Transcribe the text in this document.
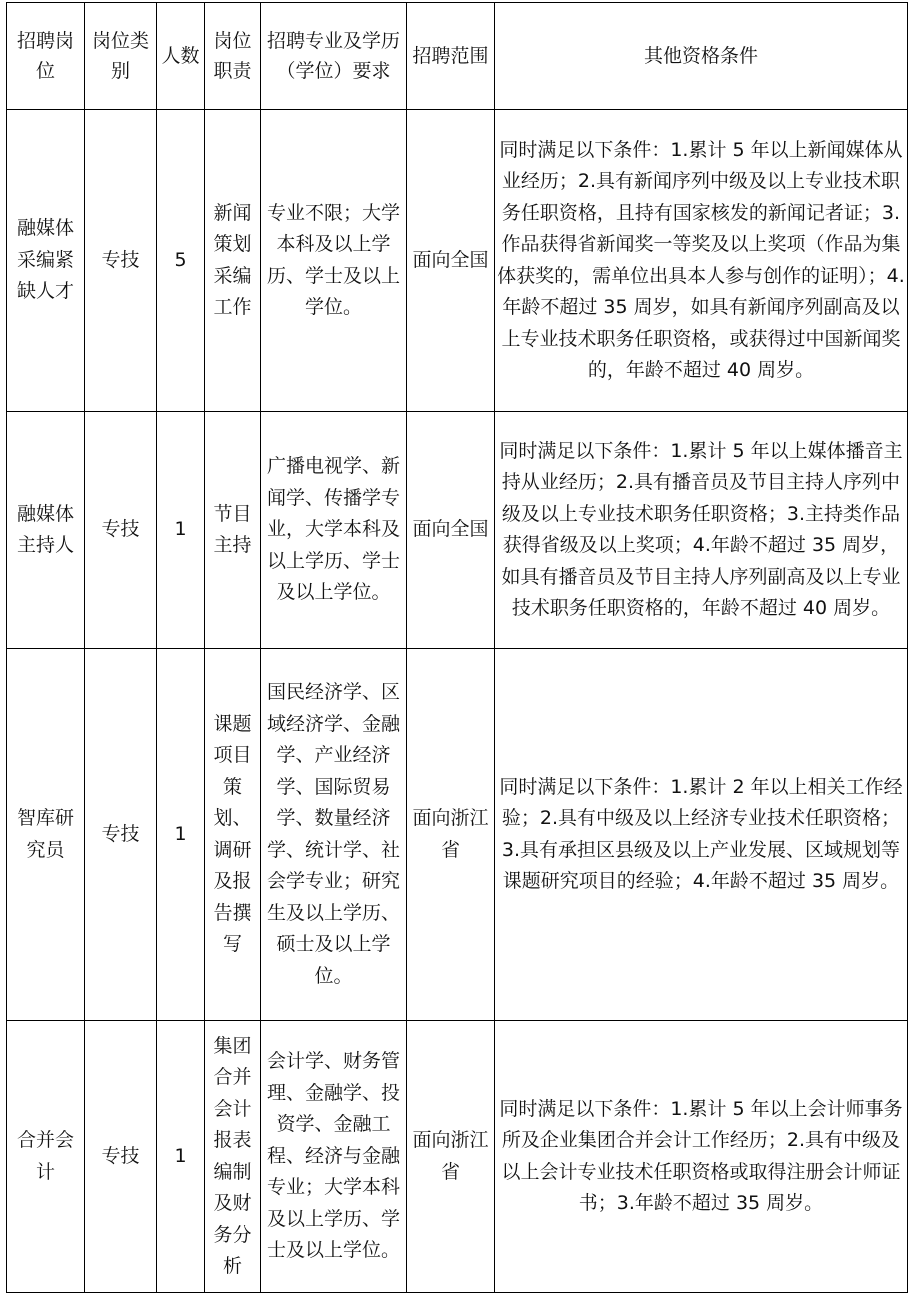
招聘岗位	岗位类别	人数	岗位职责	招聘专业及学历（学位）要求	招聘范围	其他资格条件
融媒体采编紧缺人才	专技	5	新闻策划采编工作	专业不限；大学本科及以上学历、学士及以上学位。	面向全国	同时满足以下条件：1.累计 5 年以上新闻媒体从业经历；2.具有新闻序列中级及以上专业技术职务任职资格，且持有国家核发的新闻记者证；3.作品获得省新闻奖一等奖及以上奖项（作品为集体获奖的，需单位出具本人参与创作的证明）；4.年龄不超过 35 周岁，如具有新闻序列副高及以上专业技术职务任职资格，或获得过中国新闻奖的，年龄不超过 40 周岁。
融媒体主持人	专技	1	节目主持	广播电视学、新闻学、传播学专业，大学本科及以上学历、学士及以上学位。	面向全国	同时满足以下条件：1.累计 5 年以上媒体播音主持从业经历；2.具有播音员及节目主持人序列中级及以上专业技术职务任职资格；3.主持类作品获得省级及以上奖项；4.年龄不超过 35 周岁，如具有播音员及节目主持人序列副高及以上专业技术职务任职资格的，年龄不超过 40 周岁。
智库研究员	专技	1	课题项目策划、调研及报告撰写	国民经济学、区域经济学、金融学、产业经济学、国际贸易学、数量经济学、统计学、社会学专业；研究生及以上学历、硕士及以上学位。	面向浙江省	同时满足以下条件：1.累计 2 年以上相关工作经验；2.具有中级及以上经济专业技术任职资格；3.具有承担区县级及以上产业发展、区域规划等课题研究项目的经验；4.年龄不超过 35 周岁。
合并会计	专技	1	集团合并会计报表编制及财务分析	会计学、财务管理、金融学、投资学、金融工程、经济与金融专业；大学本科及以上学历、学士及以上学位。	面向浙江省	同时满足以下条件：1.累计 5 年以上会计师事务所及企业集团合并会计工作经历；2.具有中级及以上会计专业技术任职资格或取得注册会计师证书；3.年龄不超过 35 周岁。
